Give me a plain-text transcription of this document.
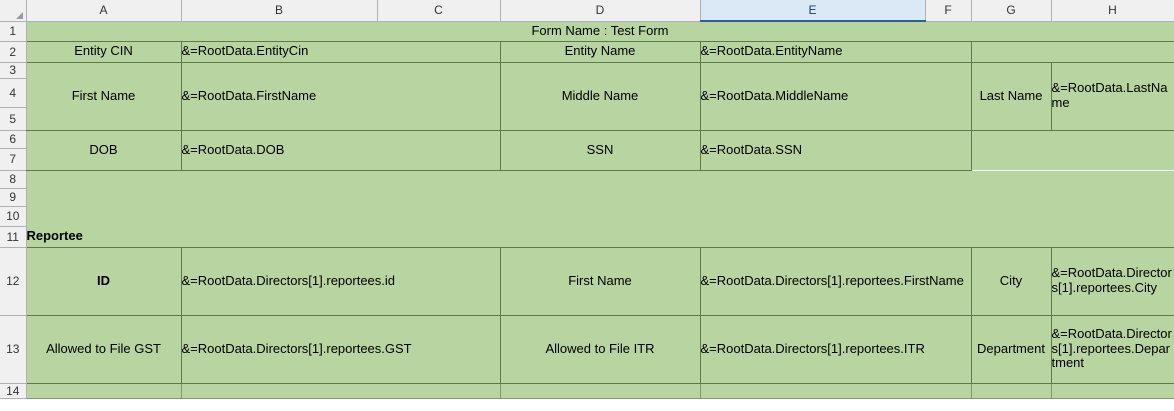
	A	B	C	D	E	F	G	H
1	Form Name : Test Form							
2	Entity CIN	&=RootData.EntityCin		Entity Name	&=RootData.EntityName			
3	First Name	&=RootData.FirstName		Middle Name	&=RootData.MiddleName		Last Name	&=RootData.LastName
4								
5								
6	DOB	&=RootData.DOB		SSN	&=RootData.SSN			
7								
8								
9								
10								
11	Reportee							
12	ID	&=RootData.Directors[1].reportees.id		First Name	&=RootData.Directors[1].reportees.FirstName		City	&=RootData.Directors[1].reportees.City
13	Allowed to File GST	&=RootData.Directors[1].reportees.GST		Allowed to File ITR	&=RootData.Directors[1].reportees.ITR		Department	&=RootData.Directors[1].reportees.Department
14								
